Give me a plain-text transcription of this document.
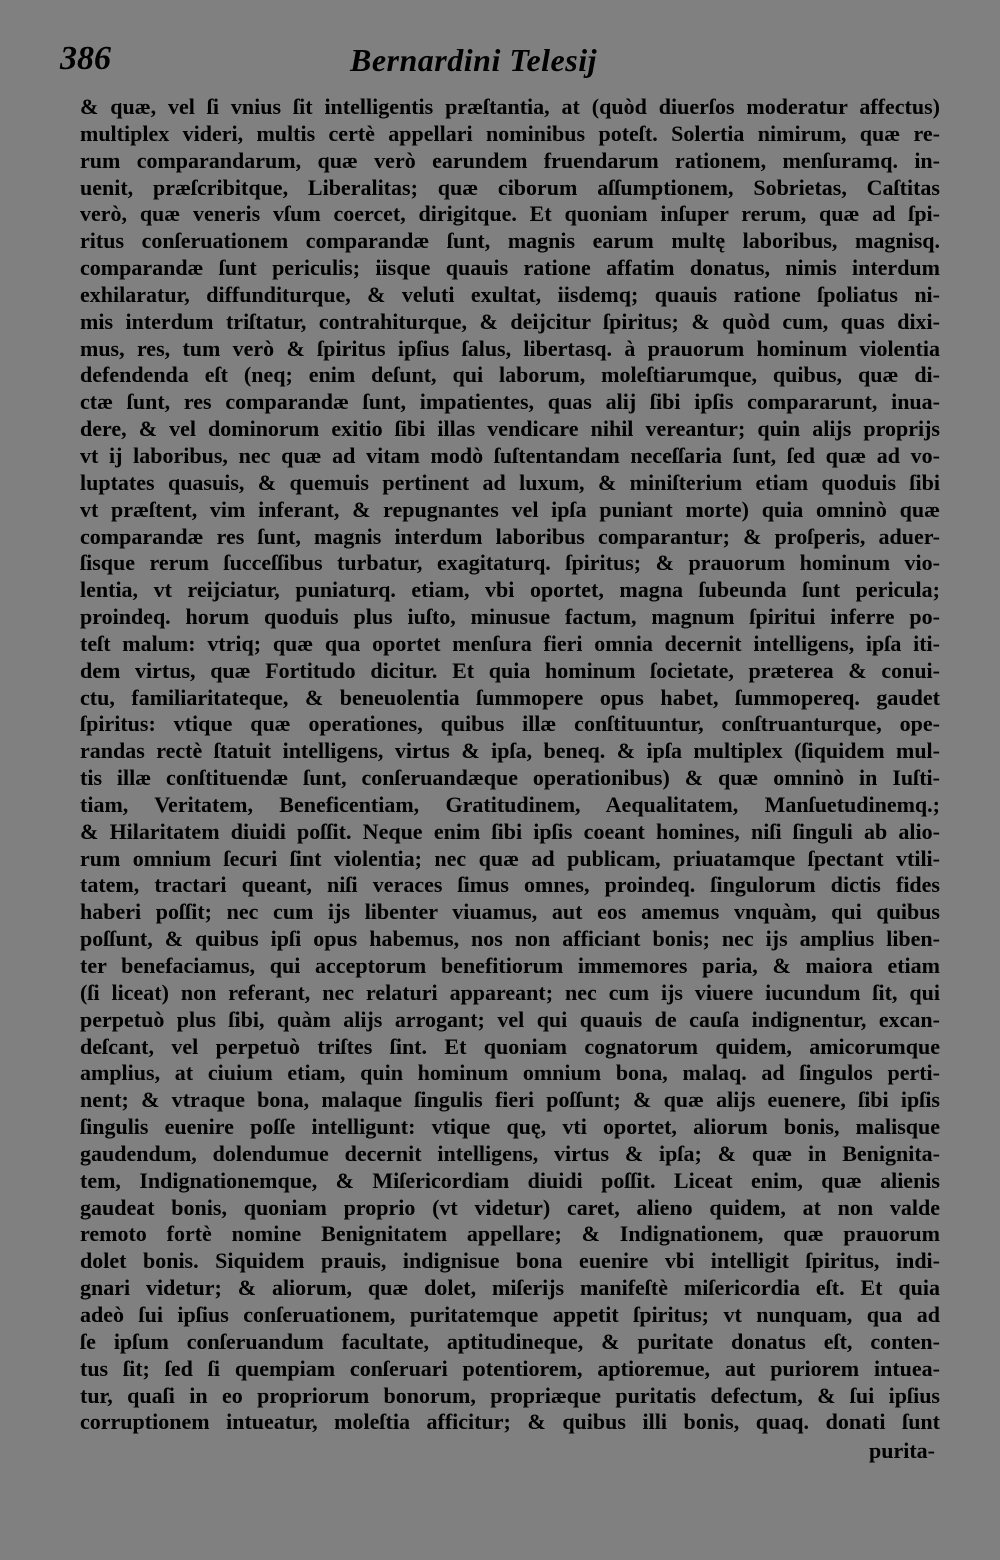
386	Bernardini Telesij
& quæ, vel ſi vnius ſit intelligentis præſtantia, at (quòd diuerſos moderatur affectus)
multiplex videri, multis certè appellari nominibus poteſt. Solertia nimirum, quæ re-
rum comparandarum, quæ verò earundem fruendarum rationem, menſuramq. in-
uenit, præſcribitque, Liberalitas; quæ ciborum aſſumptionem, Sobrietas, Caſtitas
verò, quæ veneris vſum coercet, dirigitque. Et quoniam inſuper rerum, quæ ad ſpi-
ritus conſeruationem comparandæ ſunt, magnis earum multę laboribus, magnisq.
comparandæ ſunt periculis; iisque quauis ratione affatim donatus, nimis interdum
exhilaratur, diffunditurque, & veluti exultat, iisdemq; quauis ratione ſpoliatus ni-
mis interdum triſtatur, contrahiturque, & deijcitur ſpiritus; & quòd cum, quas dixi-
mus, res, tum verò & ſpiritus ipſius ſalus, libertasq. à prauorum hominum violentia
defendenda eſt (neq; enim deſunt, qui laborum, moleſtiarumque, quibus, quæ di-
ctæ ſunt, res comparandæ ſunt, impatientes, quas alij ſibi ipſis compararunt, inua-
dere, & vel dominorum exitio ſibi illas vendicare nihil vereantur; quin alijs proprijs
vt ij laboribus, nec quæ ad vitam modò ſuſtentandam neceſſaria ſunt, ſed quæ ad vo-
luptates quasuis, & quemuis pertinent ad luxum, & miniſterium etiam quoduis ſibi
vt præſtent, vim inferant, & repugnantes vel ipſa puniant morte) quia omninò quæ
comparandæ res ſunt, magnis interdum laboribus comparantur; & proſperis, aduer-
ſisque rerum ſucceſſibus turbatur, exagitaturq. ſpiritus; & prauorum hominum vio-
lentia, vt reijciatur, puniaturq. etiam, vbi oportet, magna ſubeunda ſunt pericula;
proindeq. horum quoduis plus iuſto, minusue factum, magnum ſpiritui inferre po-
teſt malum: vtriq; quæ qua oportet menſura fieri omnia decernit intelligens, ipſa iti-
dem virtus, quæ Fortitudo dicitur. Et quia hominum ſocietate, præterea & conui-
ctu, familiaritateque, & beneuolentia ſummopere opus habet, ſummopereq. gaudet
ſpiritus: vtique quæ operationes, quibus illæ conſtituuntur, conſtruanturque, ope-
randas rectè ſtatuit intelligens, virtus & ipſa, beneq. & ipſa multiplex (ſiquidem mul-
tis illæ conſtituendæ ſunt, conſeruandæque operationibus) & quæ omninò in Iuſti-
tiam, Veritatem, Beneficentiam, Gratitudinem, Aequalitatem, Manſuetudinemq.;
& Hilaritatem diuidi poſſit. Neque enim ſibi ipſis coeant homines, niſi ſinguli ab alio-
rum omnium ſecuri ſint violentia; nec quæ ad publicam, priuatamque ſpectant vtili-
tatem, tractari queant, niſi veraces ſimus omnes, proindeq. ſingulorum dictis fides
haberi poſſit; nec cum ijs libenter viuamus, aut eos amemus vnquàm, qui quibus
poſſunt, & quibus ipſi opus habemus, nos non afficiant bonis; nec ijs amplius liben-
ter benefaciamus, qui acceptorum benefitiorum immemores paria, & maiora etiam
(ſi liceat) non referant, nec relaturi appareant; nec cum ijs viuere iucundum ſit, qui
perpetuò plus ſibi, quàm alijs arrogant; vel qui quauis de cauſa indignentur, excan-
deſcant, vel perpetuò triſtes ſint. Et quoniam cognatorum quidem, amicorumque
amplius, at ciuium etiam, quin hominum omnium bona, malaq. ad ſingulos perti-
nent; & vtraque bona, malaque ſingulis fieri poſſunt; & quæ alijs euenere, ſibi ipſis
ſingulis euenire poſſe intelligunt: vtique quę, vti oportet, aliorum bonis, malisque
gaudendum, dolendumue decernit intelligens, virtus & ipſa; & quæ in Benignita-
tem, Indignationemque, & Miſericordiam diuidi poſſit. Liceat enim, quæ alienis
gaudeat bonis, quoniam proprio (vt videtur) caret, alieno quidem, at non valde
remoto fortè nomine Benignitatem appellare; & Indignationem, quæ prauorum
dolet bonis. Siquidem prauis, indignisue bona euenire vbi intelligit ſpiritus, indi-
gnari videtur; & aliorum, quæ dolet, miſerijs manifeſtè miſericordia eſt. Et quia
adeò ſui ipſius conſeruationem, puritatemque appetit ſpiritus; vt nunquam, qua ad
ſe ipſum conſeruandum facultate, aptitudineque, & puritate donatus eſt, conten-
tus ſit; ſed ſi quempiam conſeruari potentiorem, aptioremue, aut puriorem intuea-
tur, quaſi in eo propriorum bonorum, propriæque puritatis defectum, & ſui ipſius
corruptionem intueatur, moleſtia afficitur; & quibus illi bonis, quaq. donati ſunt
purita-
